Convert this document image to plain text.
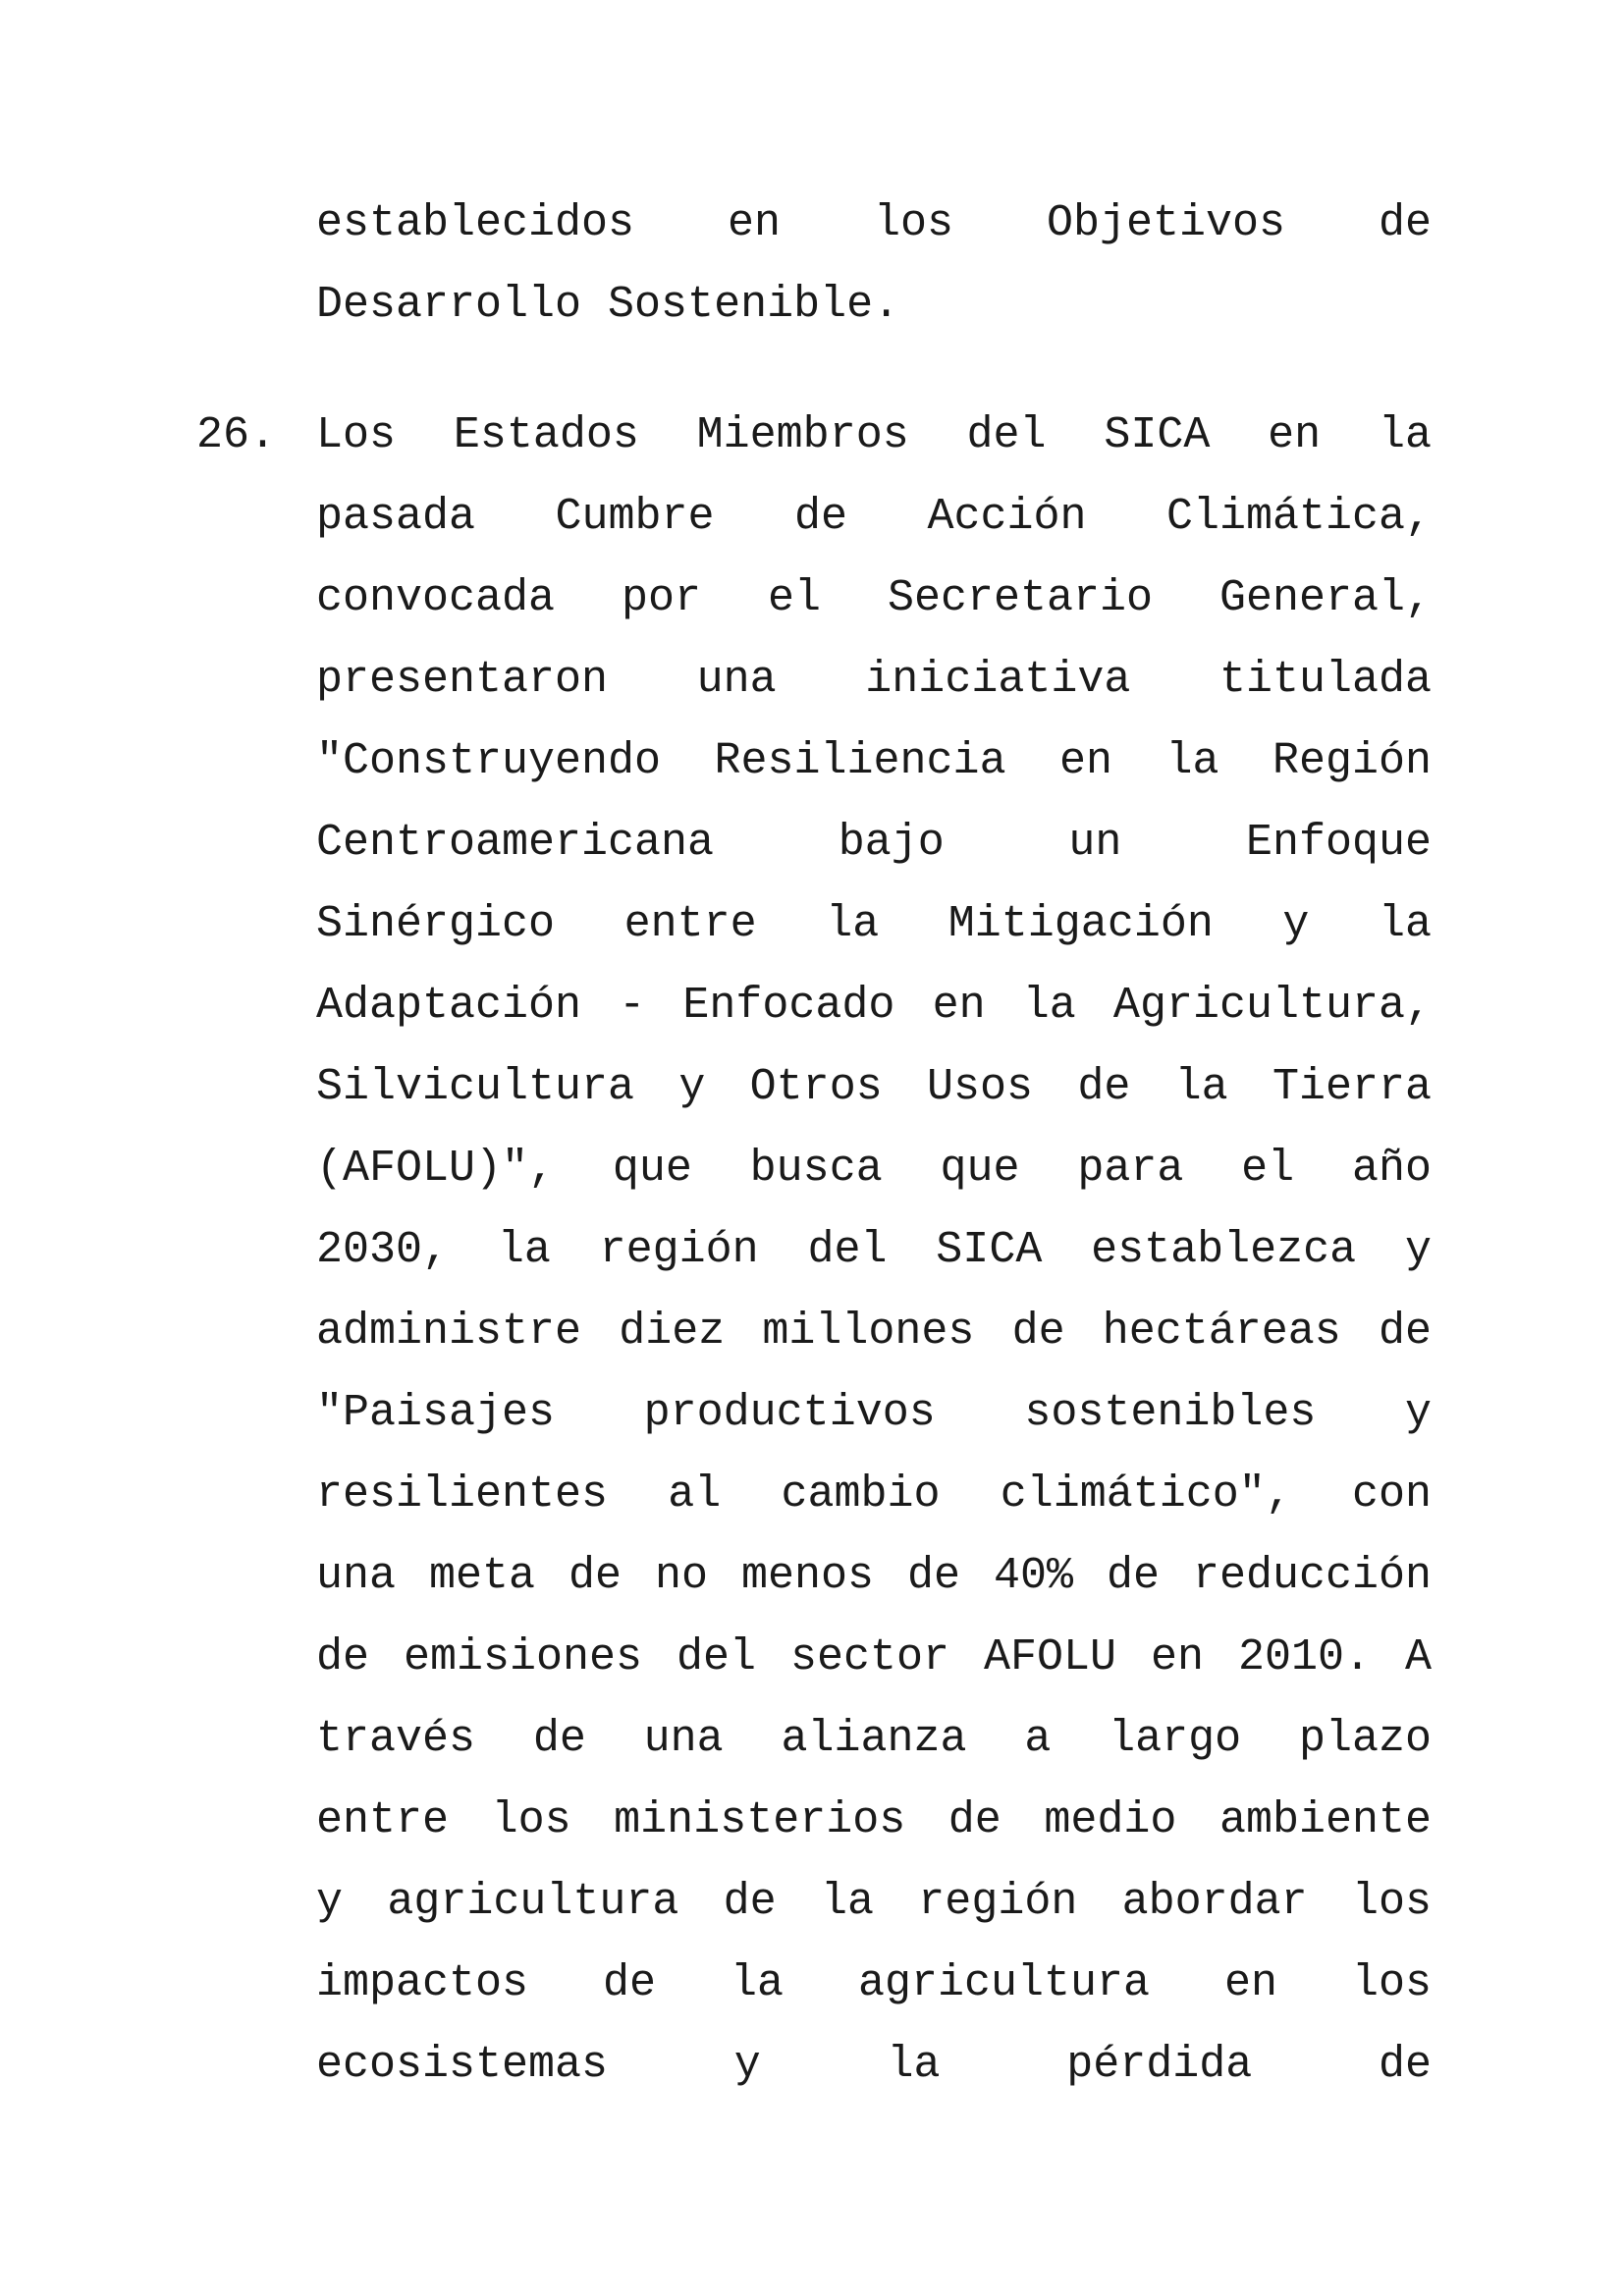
establecidos en los Objetivos de
Desarrollo Sostenible.
26. Los Estados Miembros del SICA en la
pasada Cumbre de Acción Climática,
convocada por el Secretario General,
presentaron una iniciativa titulada
"Construyendo Resiliencia en la Región
Centroamericana bajo un Enfoque
Sinérgico entre la Mitigación y la
Adaptación - Enfocado en la Agricultura,
Silvicultura y Otros Usos de la Tierra
(AFOLU)", que busca que para el año
2030, la región del SICA establezca y
administre diez millones de hectáreas de
"Paisajes productivos sostenibles y
resilientes al cambio climático", con
una meta de no menos de 40% de reducción
de emisiones del sector AFOLU en 2010. A
través de una alianza a largo plazo
entre los ministerios de medio ambiente
y agricultura de la región abordar los
impactos de la agricultura en los
ecosistemas y la pérdida de
